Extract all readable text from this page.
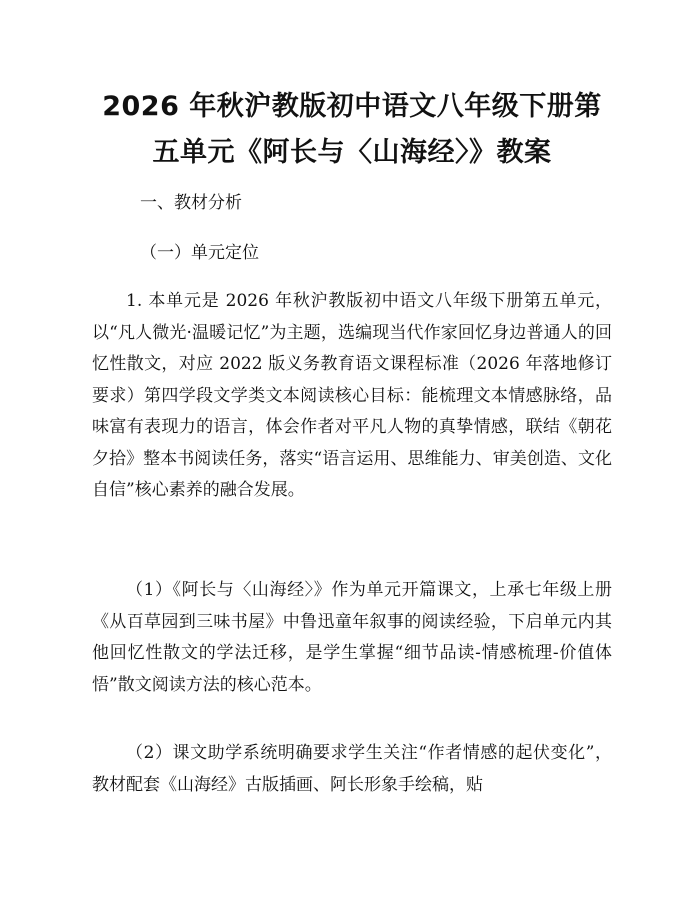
2026 年秋沪教版初中语文八年级下册第五单元《阿长与〈山海经〉》教案
一、教材分析
（一）单元定位

1. 本单元是 2026 年秋沪教版初中语文八年级下册第五单元，以“凡人微光·温暖记忆”为主题，选编现当代作家回忆身边普通人的回忆性散文，对应 2022 版义务教育语文课程标准（2026 年落地修订要求）第四学段文学类文本阅读核心目标：能梳理文本情感脉络，品味富有表现力的语言，体会作者对平凡人物的真挚情感，联结《朝花夕拾》整本书阅读任务，落实“语言运用、思维能力、审美创造、文化自信”核心素养的融合发展。

（1）《阿长与〈山海经〉》作为单元开篇课文，上承七年级上册《从百草园到三味书屋》中鲁迅童年叙事的阅读经验，下启单元内其他回忆性散文的学法迁移，是学生掌握“细节品读-情感梳理-价值体悟”散文阅读方法的核心范本。

（2）课文助学系统明确要求学生关注“作者情感的起伏变化”，教材配套《山海经》古版插画、阿长形象手绘稿，贴
